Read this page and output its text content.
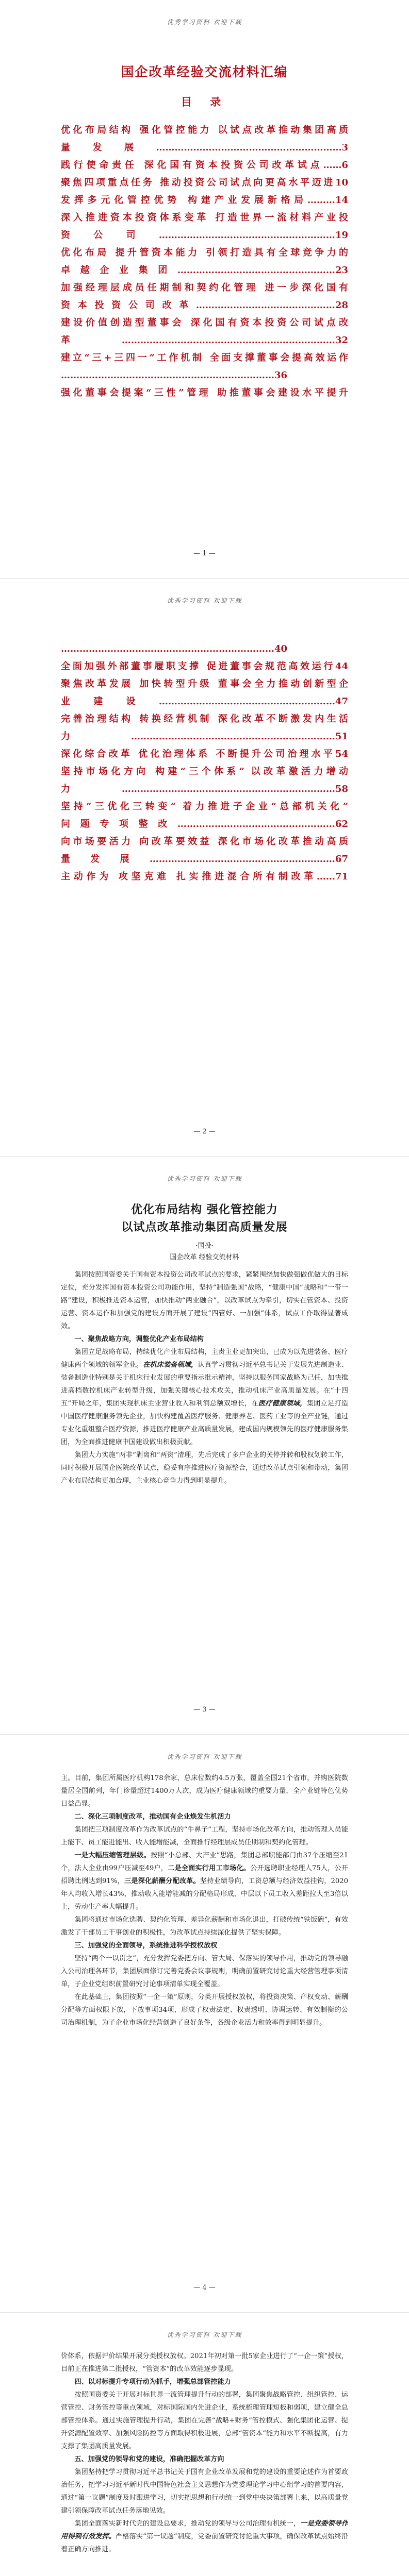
优秀学习资料 欢迎下载
国企改革经验交流材料汇编
目 录
优化布局结构 强化管控能力 以试点改革推动集团高质
量发展……………………………………………………3
践行使命责任 深化国有资本投资公司改革试点……6
聚焦四项重点任务 推动投资公司试点向更高水平迈进10
发挥多元化管控优势 构建产业发展新格局………14
深入推进资本投资体系变革 打造世界一流材料产业投
资公司…………………………………………………19
优化布局 提升管资本能力 引领打造具有全球竞争力的
卓越企业集团……………………………………………23
加强经理层成员任期制和契约化管理 进一步深化国有
资本投资公司改革………………………………………28
建设价值创造型董事会 深化国有资本投资公司试点改
革……………………………………………………………32
建立“三+三四一”工作机制 全面支撑董事会提高效运作
……………………………………………………………36
强化董事会提案“三性”管理 助推董事会建设水平提升
— 1 —
优秀学习资料 欢迎下载
……………………………………………………………40
全面加强外部董事履职支撑 促进董事会规范高效运行44
聚焦改革发展 加快转型升级 董事会全力推动创新型企
业建设…………………………………………………47
完善治理结构 转换经营机制 深化改革不断激发内生活
力…………………………………………………………51
深化综合改革 优化治理体系 不断提升公司治理水平54
坚持市场化方向 构建“三个体系” 以改革激活力增动
力……………………………………………………………58
坚持“三优化三转变” 着力推进子企业“总部机关化”
问题专项整改……………………………………………62
向市场要活力 向改革要效益 深化市场化改革推动高质
量发展……………………………………………………67
主动作为 攻坚克难 扎实推进混合所有制改革……71
— 2 —
优秀学习资料 欢迎下载
优化布局结构 强化管控能力
以试点改革推动集团高质量发展
·国投·
国企改革 经验交流材料

集团按照国资委关于国有资本投资公司改革试点的要求，紧紧围绕加快做强做优做大的目标定位，充分发挥国有资本投资公司功能作用，坚持“制造强国”战略，“健康中国”战略和“一带一路”建设，积极推进资本运营，加快推动“两业融合”，以改革试点为牵引，切实在管资本、投资运营、资本运作和加强党的建设方面开展了建设“四管好、一加强”体系，试点工作取得显著成效。

一、聚焦战略方向，调整优化产业布局结构

集团立足战略布局，持续优化产业布局结构，主责主业更加突出，已成为以先进装备、医疗健康两个领域的领军企业。在机床装备领域，认真学习贯彻习近平总书记关于发展先进制造业、装备制造业特别是关于机床行业发展的重要指示批示精神，坚持以服务国家战略为己任，加快推进高档数控机床产业转型升级，加强关键核心技术攻关，推动机床产业高质量发展。在“十四五”开局之年，集团实现机床主业营业收入和利润总额双增长，在医疗健康领域，集团立足打造中国医疗健康服务领先企业，加快构建覆盖医疗服务、健康养老、医药工业等的全产业链，通过专业化重组整合医疗资源，推进医疗健康产业高质量发展，建成国内规模领先的医疗健康服务集团，为全面推进健康中国建设做出积极贡献。

集团大力实施“两非”剥离和“两资”清理，先后完成了多户企业的关停并转和股权划转工作，同时积极开展国企医院改革试点，稳妥有序推进医疗资源整合，通过改革试点引领和带动，集团产业布局结构更加合理，主业核心竞争力得到明显提升。

— 3 —
优秀学习资料 欢迎下载

主。目前，集团所属医疗机构178余家，总床位数约4.5万张，覆盖全国21个省市，并购医院数量居全国前列，年门诊量超过1400万人次，成为医疗健康领域的重要力量，全产业链特色优势日益凸显。

二、深化三项制度改革，推动国有企业焕发生机活力

集团把三项制度改革作为改革试点的“牛鼻子”工程，坚持市场化改革方向，推动管理人员能上能下、员工能进能出、收入能增能减，全面推行经理层成员任期制和契约化管理。

一是大幅压缩管理层级。按照“小总部、大产业”思路，集团总部职能部门由37个压缩至21个，法人企业由99户压减至49户，二是全面实行用工市场化。公开选聘职业经理人75人，公开招聘比例达到91%，三是深化薪酬分配改革。坚持业绩导向，工资总额与经济效益挂钩，2020年人均收入增长43%，推动收入能增能减的分配格局形成，中层以下员工收入差距拉大至3倍以上，劳动生产率大幅提升。

集团将通过市场化选聘、契约化管理、差异化薪酬和市场化退出，打破传统“铁饭碗”，有效激发了干部员工干事创业的积极性，为改革试点持续深化提供了坚实保障。

三、加强党的全面领导，系统推进科学授权放权

坚持“两个一以贯之”，充分发挥党委把方向、管大局、保落实的领导作用，推动党的领导融入公司治理各环节，集团层面修订完善党委会议事规则，明确前置研究讨论重大经营管理事项清单，子企业党组织前置研究讨论事项清单实现全覆盖。

在此基础上，集团按照“一企一策”原则，分类开展授权放权，将投资决策、产权变动、薪酬分配等方面权限下放，下放事项34项，形成了权责法定、权责透明、协调运转、有效制衡的公司治理机制，为子企业市场化经营创造了良好条件，各级企业活力和效率得到明显提升。

— 4 —
优秀学习资料 欢迎下载

价体系，依据评价结果开展分类授权放权。2021年初对第一批5家企业进行了“一企一策”授权，目前正在推进第二批授权，“管资本”的改革效能逐步显现。

四、以对标提升专项行动为抓手，增强总部管控能力

按照国资委关于开展对标世界一流管理提升行动的部署，集团聚焦战略管控、组织管控、运营管控、财务管控等重点领域，对标国际国内先进企业，系统梳理管理短板和弱项，建立健全总部管控体系。通过实施管理提升行动，集团在完善“战略+财务”管控模式、强化集团化运营、提升资源配置效率、加强风险防控等方面取得积极进展，总部“管资本”能力和水平不断提高，有力支撑了集团高质量发展。

五、加强党的领导和党的建设，准确把握改革方向

集团坚持把学习贯彻习近平总书记关于国有企业改革发展和党的建设的重要论述作为首要政治任务，把学习习近平新时代中国特色社会主义思想作为党委理论学习中心组学习的首要内容，通过“第一议题”制度及时跟进学习，切实把思想和行动统一到党中央决策部署上来，以高质量党建引领保障改革试点任务落地见效。

集团全面落实新时代党的建设总要求，推动党的领导与公司治理有机统一，一是党委领导作用得到有效发挥。严格落实“第一议题”制度，党委前置研究讨论重大事项，确保改革试点始终沿着正确方向推进。
